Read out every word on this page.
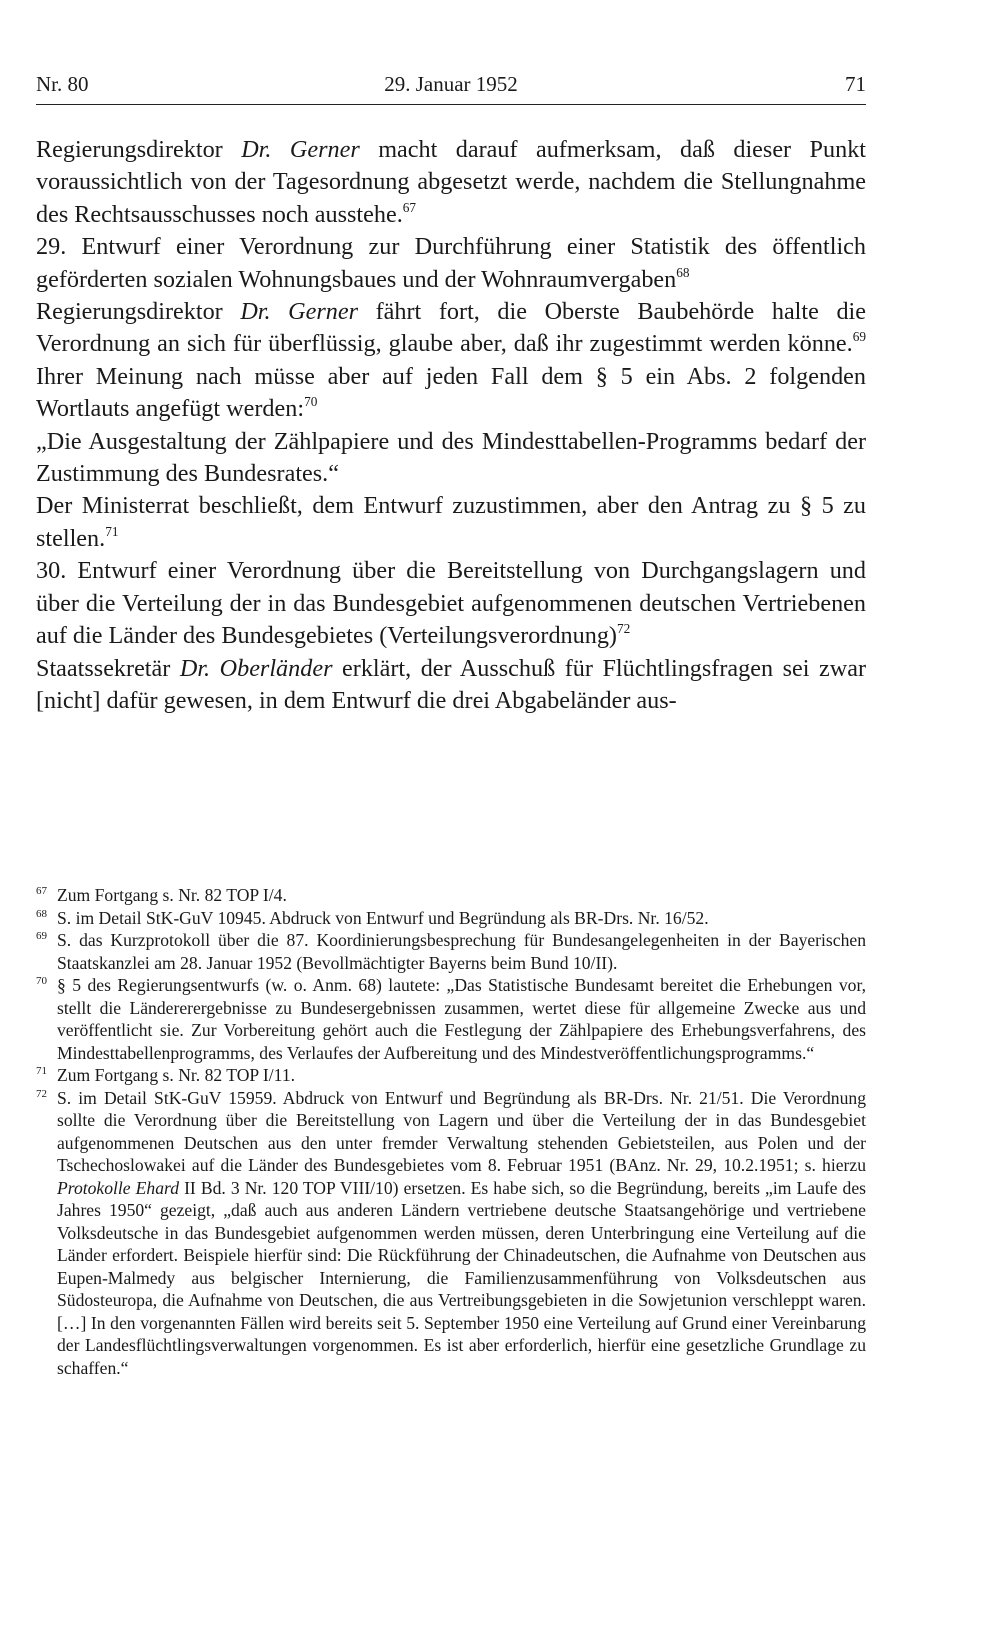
Nr. 80	29. Januar 1952	71

Regierungsdirektor Dr. Gerner macht darauf aufmerksam, daß dieser Punkt voraussichtlich von der Tagesordnung abgesetzt werde, nachdem die Stellungnahme des Rechtsausschusses noch ausstehe.$^{67}$

29. Entwurf einer Verordnung zur Durchführung einer Statistik des öffentlich geförderten sozialen Wohnungsbaues und der Wohnraumvergaben$^{68}$

Regierungsdirektor Dr. Gerner fährt fort, die Oberste Baubehörde halte die Verordnung an sich für überflüssig, glaube aber, daß ihr zugestimmt werden könne.$^{69}$ Ihrer Meinung nach müsse aber auf jeden Fall dem § 5 ein Abs. 2 folgenden Wortlauts angefügt werden:$^{70}$

„Die Ausgestaltung der Zählpapiere und des Mindesttabellen-Programms bedarf der Zustimmung des Bundesrates.“

Der Ministerrat beschließt, dem Entwurf zuzustimmen, aber den Antrag zu § 5 zu stellen.$^{71}$

30. Entwurf einer Verordnung über die Bereitstellung von Durchgangslagern und über die Verteilung der in das Bundesgebiet aufgenommenen deutschen Vertriebenen auf die Länder des Bundesgebietes (Verteilungsverordnung)$^{72}$

Staatssekretär Dr. Oberländer erklärt, der Ausschuß für Flüchtlingsfragen sei zwar [nicht] dafür gewesen, in dem Entwurf die drei Abgabeländer aus-

67 Zum Fortgang s. Nr. 82 TOP I/4.

68 S. im Detail StK-GuV 10945. Abdruck von Entwurf und Begründung als BR-Drs. Nr. 16/52.

69 S. das Kurzprotokoll über die 87. Koordinierungsbesprechung für Bundesangelegenheiten in der Bayerischen Staatskanzlei am 28. Januar 1952 (Bevollmächtigter Bayerns beim Bund 10/II).

70 § 5 des Regierungsentwurfs (w. o. Anm. 68) lautete: „Das Statistische Bundesamt bereitet die Erhebungen vor, stellt die Ländererergebnisse zu Bundesergebnissen zusammen, wertet diese für allgemeine Zwecke aus und veröffentlicht sie. Zur Vorbereitung gehört auch die Festlegung der Zählpapiere des Erhebungsverfahrens, des Mindesttabellenprogramms, des Verlaufes der Aufbereitung und des Mindestveröffentlichungsprogramms.“

71 Zum Fortgang s. Nr. 82 TOP I/11.

72 S. im Detail StK-GuV 15959. Abdruck von Entwurf und Begründung als BR-Drs. Nr. 21/51. Die Verordnung sollte die Verordnung über die Bereitstellung von Lagern und über die Verteilung der in das Bundesgebiet aufgenommenen Deutschen aus den unter fremder Verwaltung stehenden Gebietsteilen, aus Polen und der Tschechoslowakei auf die Länder des Bundesgebietes vom 8. Februar 1951 (BAnz. Nr. 29, 10.2.1951; s. hierzu Protokolle Ehard II Bd. 3 Nr. 120 TOP VIII/10) ersetzen. Es habe sich, so die Begründung, bereits „im Laufe des Jahres 1950“ gezeigt, „daß auch aus anderen Ländern vertriebene deutsche Staatsangehörige und vertriebene Volksdeutsche in das Bundesgebiet aufgenommen werden müssen, deren Unterbringung eine Verteilung auf die Länder erfordert. Beispiele hierfür sind: Die Rückführung der Chinadeutschen, die Aufnahme von Deutschen aus Eupen-Malmedy aus belgischer Internierung, die Familienzusammenführung von Volksdeutschen aus Südosteuropa, die Aufnahme von Deutschen, die aus Vertreibungsgebieten in die Sowjetunion verschleppt waren. […] In den vorgenannten Fällen wird bereits seit 5. September 1950 eine Verteilung auf Grund einer Vereinbarung der Landesflüchtlingsverwaltungen vorgenommen. Es ist aber erforderlich, hierfür eine gesetzliche Grundlage zu schaffen.“
